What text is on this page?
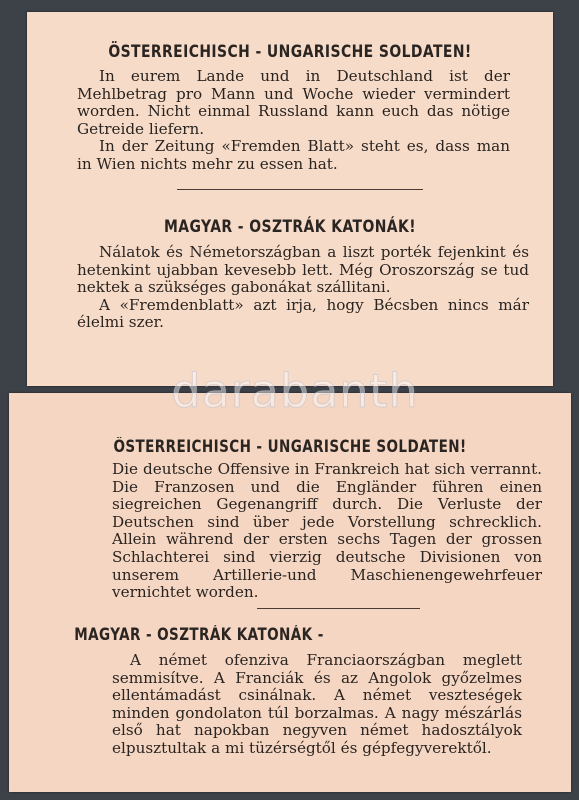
ÖSTERREICHISCH - UNGARISCHE SOLDATEN!

In eurem Lande und in Deutschland ist der Mehlbetrag pro Mann und Woche wieder vermindert worden. Nicht einmal Russland kann euch das nötige Getreide liefern.

In der Zeitung «Fremden Blatt» steht es, dass man in Wien nichts mehr zu essen hat.

MAGYAR - OSZTRÁK KATONÁK!

Nálatok és Németországban a liszt porték fejenkint és hetenkint ujabban kevesebb lett. Még Oroszország se tud nektek a szükséges gabonákat szállitani.

A «Fremdenblatt» azt irja, hogy Bécsben nincs már élelmi szer.

ÖSTERREICHISCH - UNGARISCHE SOLDATEN!

Die deutsche Offensive in Frankreich hat sich verrannt. Die Franzosen und die Engländer führen einen siegreichen Gegenangriff durch. Die Verluste der Deutschen sind über jede Vorstellung schrecklich. Allein während der ersten sechs Tagen der grossen Schlachterei sind vierzig deutsche Divisionen von unserem Artillerie-und Maschienengewehrfeuer vernichtet worden.

MAGYAR - OSZTRÁK KATONÁK -

A német ofenziva Franciaországban meglett semmisítve. A Franciák és az Angolok győzelmes ellentámadást csinálnak. A német veszteségek minden gondolaton túl borzalmas. A nagy mészárlás első hat napokban negyven német hadosztályok elpusztultak a mi tüzérségtől és gépfegyverektől.

darabanth
